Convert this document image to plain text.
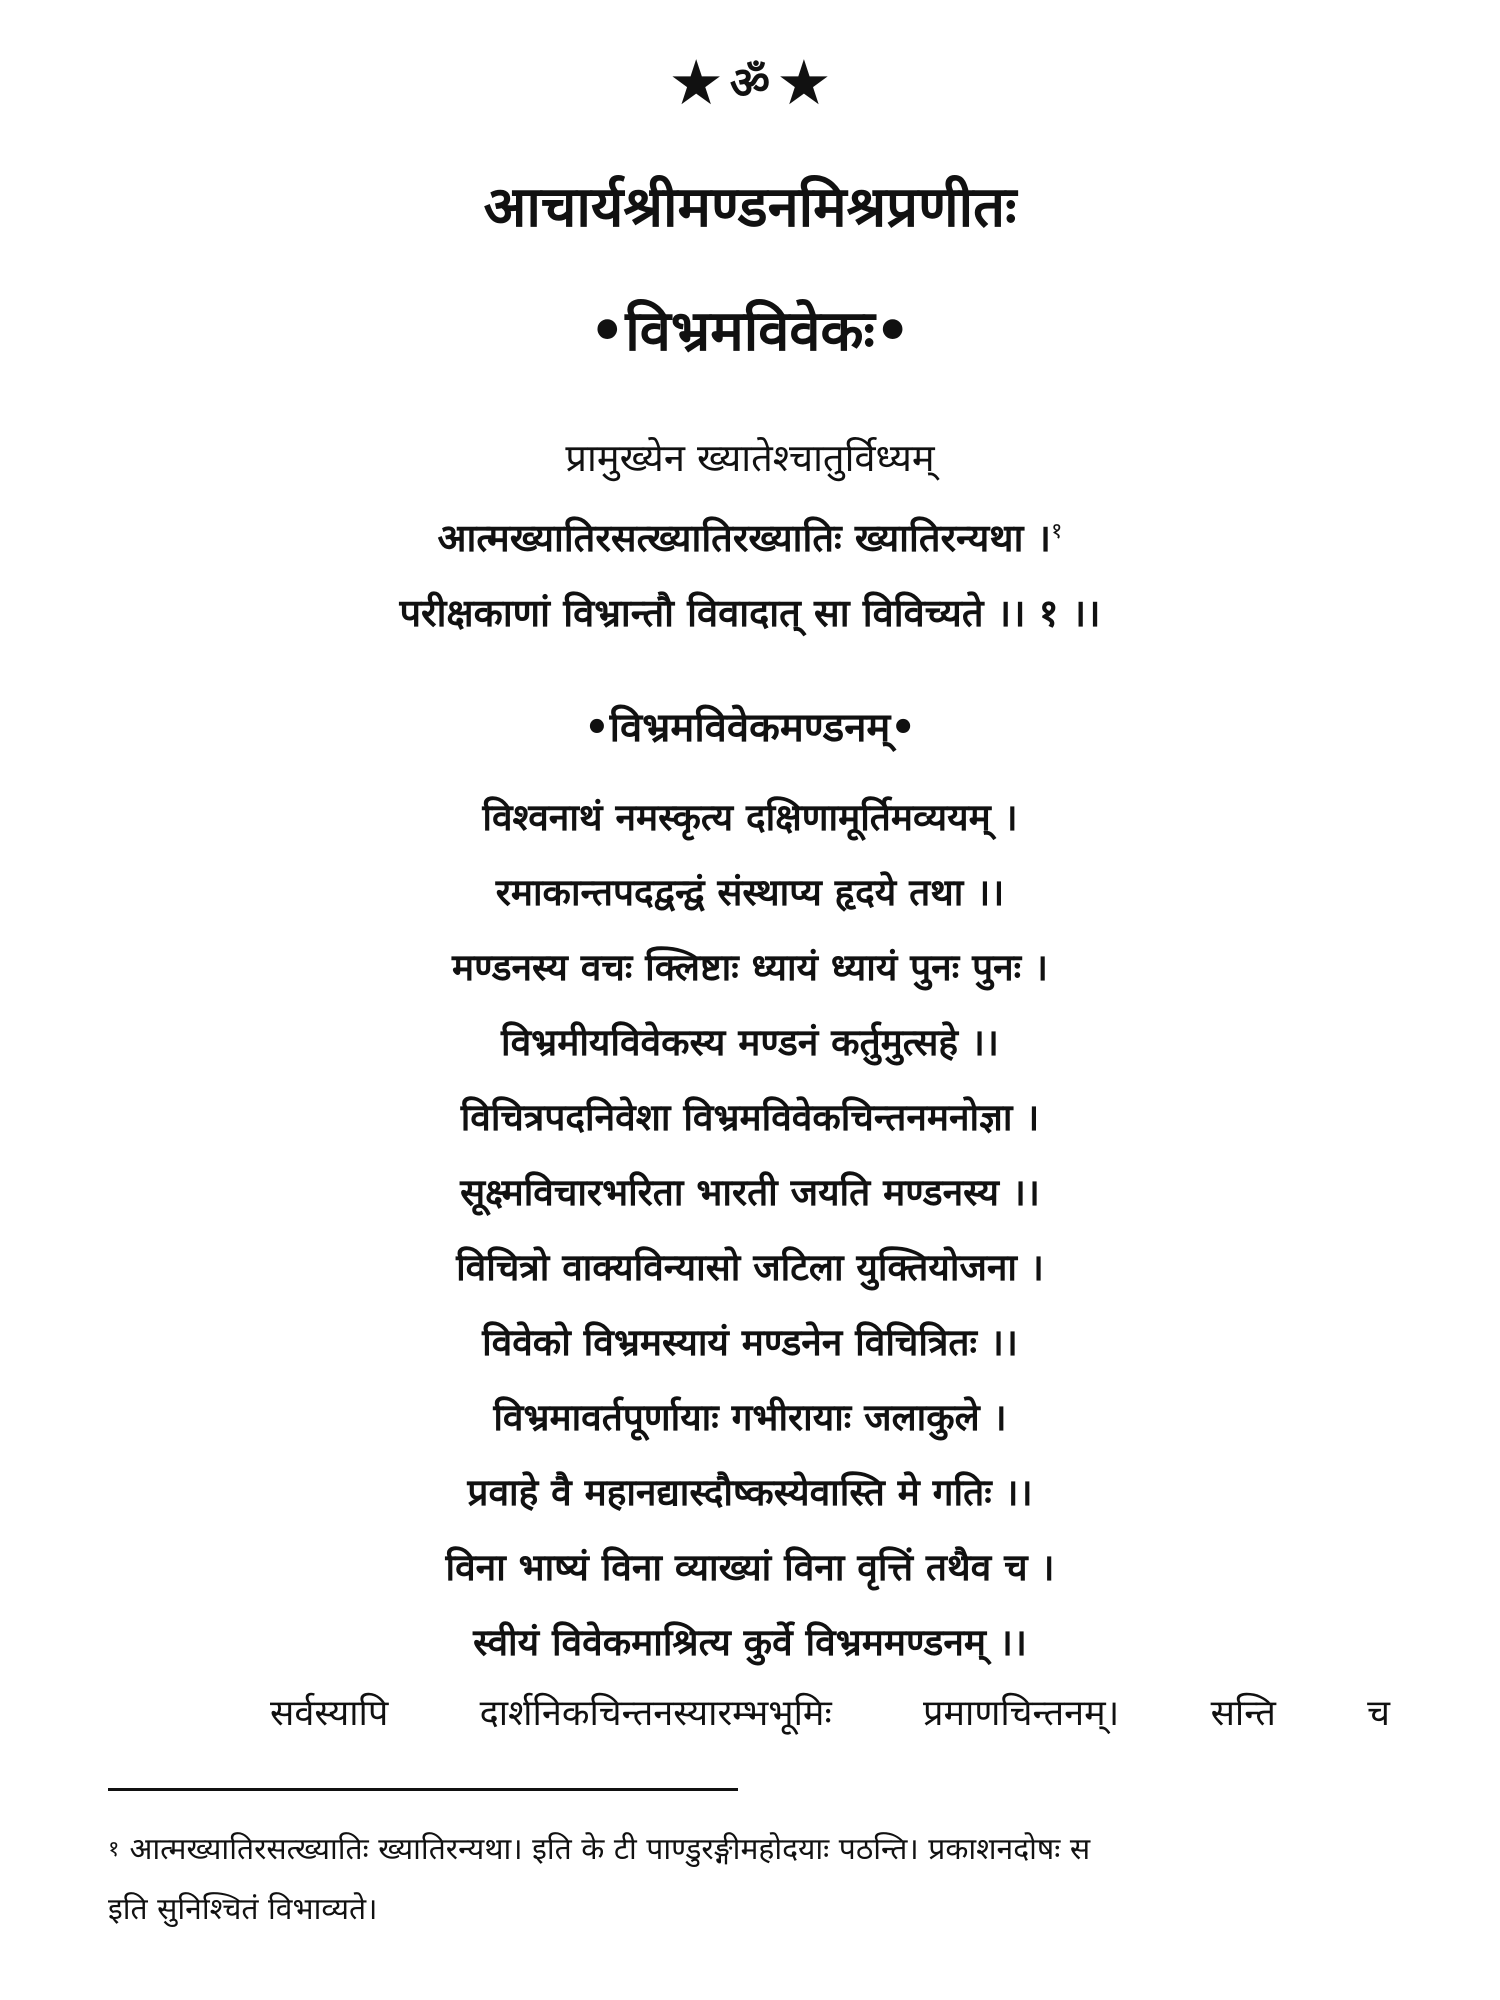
★ ॐ★
आचार्यश्रीमण्डनमिश्रप्रणीतः
•विभ्रमविवेकः•
प्रामुख्येन ख्यातेश्चातुर्विध्यम्
आत्मख्यातिरसत्ख्यातिरख्यातिः ख्यातिरन्यथा ।$^१$
परीक्षकाणां विभ्रान्तौ विवादात् सा विविच्यते ।। १ ।।
•विभ्रमविवेकमण्डनम्•
विश्वनाथं नमस्कृत्य दक्षिणामूर्तिमव्ययम् ।
रमाकान्तपदद्वन्द्वं संस्थाप्य हृदये तथा ।।
मण्डनस्य वचः क्लिष्टाः ध्यायं ध्यायं पुनः पुनः ।
विभ्रमीयविवेकस्य मण्डनं कर्तुमुत्सहे ।।
विचित्रपदनिवेशा विभ्रमविवेकचिन्तनमनोज्ञा ।
सूक्ष्मविचारभरिता भारती जयति मण्डनस्य ।।
विचित्रो वाक्यविन्यासो जटिला युक्तियोजना ।
विवेको विभ्रमस्यायं मण्डनेन विचित्रितः ।।
विभ्रमावर्तपूर्णायाः गभीरायाः जलाकुले ।
प्रवाहे वै महानद्यास्दौष्कस्येवास्ति मे गतिः ।।
विना भाष्यं विना व्याख्यां विना वृत्तिं तथैव च ।
स्वीयं विवेकमाश्रित्य कुर्वे विभ्रममण्डनम् ।।
सर्वस्यापि दार्शनिकचिन्तनस्यारम्भभूमिः प्रमाणचिन्तनम्। सन्ति च
$^१$ आत्मख्यातिरसत्ख्यातिः ख्यातिरन्यथा। इति के टी पाण्डुरङ्गीमहोदयाः पठन्ति। प्रकाशनदोषः स
इति सुनिश्चितं विभाव्यते।
